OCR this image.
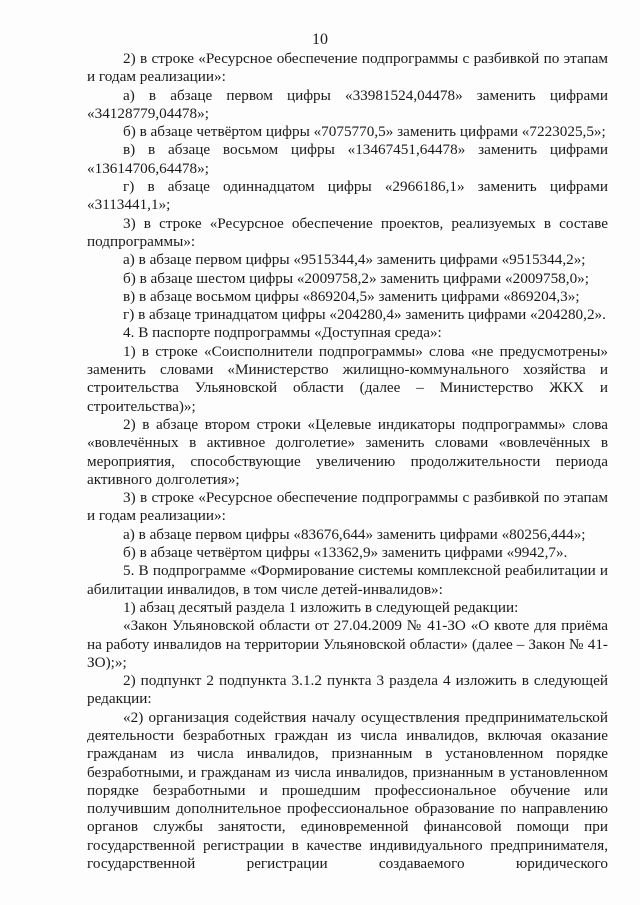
10

2) в строке «Ресурсное обеспечение подпрограммы с разбивкой по этапам и годам реализации»:

а) в абзаце первом цифры «33981524,04478» заменить цифрами «34128779,04478»;

б) в абзаце четвёртом цифры «7075770,5» заменить цифрами «7223025,5»;

в) в абзаце восьмом цифры «13467451,64478» заменить цифрами «13614706,64478»;

г) в абзаце одиннадцатом цифры «2966186,1» заменить цифрами «3113441,1»;

3) в строке «Ресурсное обеспечение проектов, реализуемых в составе подпрограммы»:

а) в абзаце первом цифры «9515344,4» заменить цифрами «9515344,2»;

б) в абзаце шестом цифры «2009758,2» заменить цифрами «2009758,0»;

в) в абзаце восьмом цифры «869204,5» заменить цифрами «869204,3»;

г) в абзаце тринадцатом цифры «204280,4» заменить цифрами «204280,2».

4. В паспорте подпрограммы «Доступная среда»:

1) в строке «Соисполнители подпрограммы» слова «не предусмотрены» заменить словами «Министерство жилищно-коммунального хозяйства и строительства Ульяновской области (далее – Министерство ЖКХ и строительства)»;

2) в абзаце втором строки «Целевые индикаторы подпрограммы» слова «вовлечённых в активное долголетие» заменить словами «вовлечённых в мероприятия, способствующие увеличению продолжительности периода активного долголетия»;

3) в строке «Ресурсное обеспечение подпрограммы с разбивкой по этапам и годам реализации»:

а) в абзаце первом цифры «83676,644» заменить цифрами «80256,444»;

б) в абзаце четвёртом цифры «13362,9» заменить цифрами «9942,7».

5. В подпрограмме «Формирование системы комплексной реабилитации и абилитации инвалидов, в том числе детей-инвалидов»:

1) абзац десятый раздела 1 изложить в следующей редакции:

«Закон Ульяновской области от 27.04.2009 № 41-ЗО «О квоте для приёма на работу инвалидов на территории Ульяновской области» (далее – Закон № 41-ЗО);»;

2) подпункт 2 подпункта 3.1.2 пункта 3 раздела 4 изложить в следующей редакции:

«2) организация содействия началу осуществления предпринимательской деятельности безработных граждан из числа инвалидов, включая оказание гражданам из числа инвалидов, признанным в установленном порядке безработными, и гражданам из числа инвалидов, признанным в установленном порядке безработными и прошедшим профессиональное обучение или получившим дополнительное профессиональное образование по направлению органов службы занятости, единовременной финансовой помощи при государственной регистрации в качестве индивидуального предпринимателя, государственной регистрации создаваемого юридического
